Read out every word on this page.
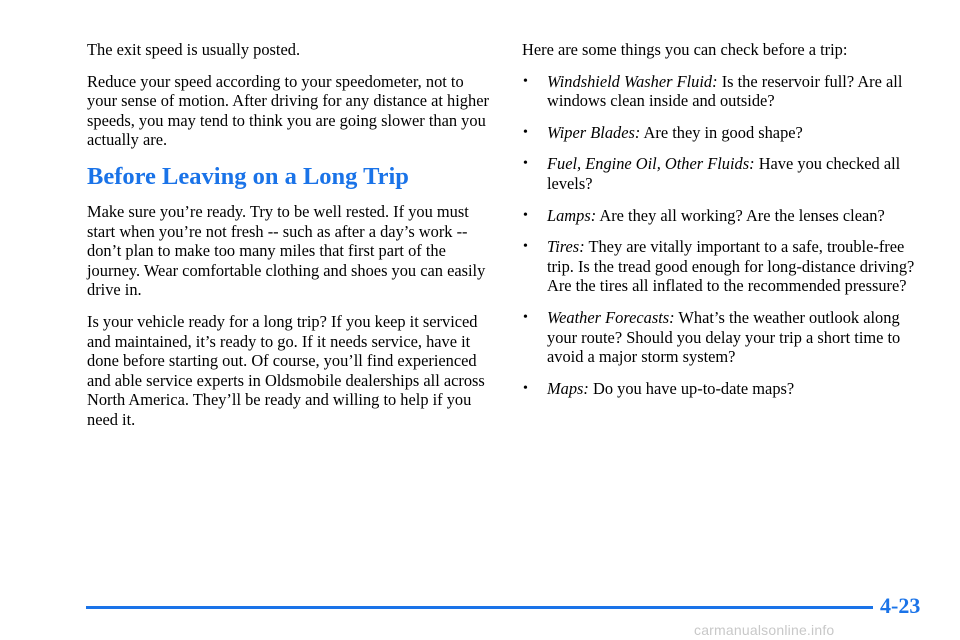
The exit speed is usually posted.

Reduce your speed according to your speedometer, not to your sense of motion. After driving for any distance at higher speeds, you may tend to think you are going slower than you actually are.

Before Leaving on a Long Trip

Make sure you’re ready. Try to be well rested. If you must start when you’re not fresh -- such as after a day’s work -- don’t plan to make too many miles that first part of the journey. Wear comfortable clothing and shoes you can easily drive in.

Is your vehicle ready for a long trip? If you keep it serviced and maintained, it’s ready to go. If it needs service, have it done before starting out. Of course, you’ll find experienced and able service experts in Oldsmobile dealerships all across North America. They’ll be ready and willing to help if you need it.

Here are some things you can check before a trip:

• Windshield Washer Fluid: Is the reservoir full? Are all windows clean inside and outside?
• Wiper Blades: Are they in good shape?
• Fuel, Engine Oil, Other Fluids: Have you checked all levels?
• Lamps: Are they all working? Are the lenses clean?
• Tires: They are vitally important to a safe, trouble-free trip. Is the tread good enough for long-distance driving? Are the tires all inflated to the recommended pressure?
• Weather Forecasts: What’s the weather outlook along your route? Should you delay your trip a short time to avoid a major storm system?
• Maps: Do you have up-to-date maps?
4-23
carmanualsonline.info
